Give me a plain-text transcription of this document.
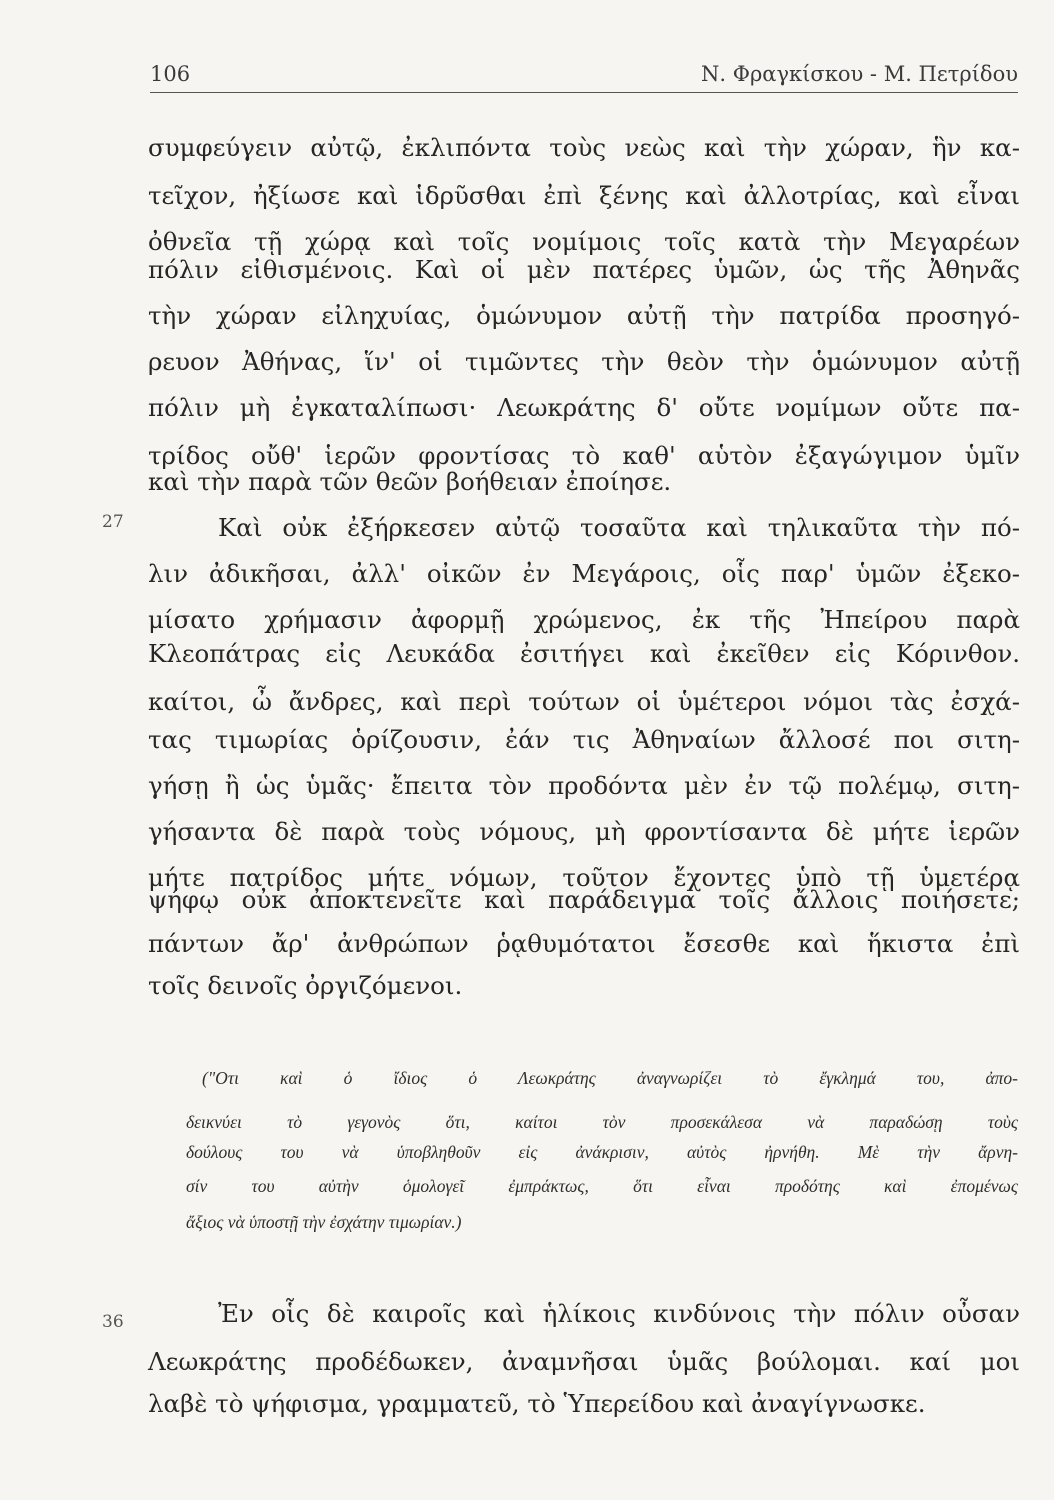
106	Ν. Φραγκίσκου - Μ. Πετρίδου
συμφεύγειν αὐτῷ, ἐκλιπόντα τοὺς νεὼς καὶ τὴν χώραν, ἣν κα-
τεῖχον, ἠξίωσε καὶ ἱδρῦσθαι ἐπὶ ξένης καὶ ἀλλοτρίας, καὶ εἶναι
ὀθνεῖα τῇ χώρᾳ καὶ τοῖς νομίμοις τοῖς κατὰ τὴν Μεγαρέων
πόλιν εἰθισμένοις. Καὶ οἱ μὲν πατέρες ὑμῶν, ὡς τῆς Ἀθηνᾶς
τὴν χώραν εἰληχυίας, ὁμώνυμον αὐτῇ τὴν πατρίδα προσηγό-
ρευον Ἀθήνας, ἵν' οἱ τιμῶντες τὴν θεὸν τὴν ὁμώνυμον αὐτῇ
πόλιν μὴ ἐγκαταλίπωσι· Λεωκράτης δ' οὔτε νομίμων οὔτε πα-
τρίδος οὔθ' ἱερῶν φροντίσας τὸ καθ' αὑτὸν ἐξαγώγιμον ὑμῖν
καὶ τὴν παρὰ τῶν θεῶν βοήθειαν ἐποίησε.
27	Καὶ οὐκ ἐξήρκεσεν αὐτῷ τοσαῦτα καὶ τηλικαῦτα τὴν πό-
λιν ἀδικῆσαι, ἀλλ' οἰκῶν ἐν Μεγάροις, οἷς παρ' ὑμῶν ἐξεκο-
μίσατο χρήμασιν ἀφορμῇ χρώμενος, ἐκ τῆς Ἠπείρου παρὰ
Κλεοπάτρας εἰς Λευκάδα ἐσιτήγει καὶ ἐκεῖθεν εἰς Κόρινθον.
καίτοι, ὦ ἄνδρες, καὶ περὶ τούτων οἱ ὑμέτεροι νόμοι τὰς ἐσχά-
τας τιμωρίας ὁρίζουσιν, ἐάν τις Ἀθηναίων ἄλλοσέ ποι σιτη-
γήσῃ ἢ ὡς ὑμᾶς· ἔπειτα τὸν προδόντα μὲν ἐν τῷ πολέμῳ, σιτη-
γήσαντα δὲ παρὰ τοὺς νόμους, μὴ φροντίσαντα δὲ μήτε ἱερῶν
μήτε πατρίδος μήτε νόμων, τοῦτον ἔχοντες ὑπὸ τῇ ὑμετέρᾳ
ψήφῳ οὐκ ἀποκτενεῖτε καὶ παράδειγμα τοῖς ἄλλοις ποιήσετε;
πάντων ἄρ' ἀνθρώπων ῥᾳθυμότατοι ἔσεσθε καὶ ἥκιστα ἐπὶ
τοῖς δεινοῖς ὀργιζόμενοι.
("Οτι καὶ ὁ ἴδιος ὁ Λεωκράτης ἀναγνωρίζει τὸ ἔγκλημά του, ἀπο-
δεικνύει τὸ γεγονὸς ὅτι, καίτοι τὸν προσεκάλεσα νὰ παραδώσῃ τοὺς
δούλους του νὰ ὑποβληθοῦν εἰς ἀνάκρισιν, αὐτὸς ἠρνήθη. Μὲ τὴν ἄρνη-
σίν του αὐτὴν ὁμολογεῖ ἐμπράκτως, ὅτι εἶναι προδότης καὶ ἐπομένως
ἄξιος νὰ ὑποστῇ τὴν ἐσχάτην τιμωρίαν.)
36	Ἐν οἷς δὲ καιροῖς καὶ ἡλίκοις κινδύνοις τὴν πόλιν οὖσαν
Λεωκράτης προδέδωκεν, ἀναμνῆσαι ὑμᾶς βούλομαι. καί μοι
λαβὲ τὸ ψήφισμα, γραμματεῦ, τὸ Ὑπερείδου καὶ ἀναγίγνωσκε.
